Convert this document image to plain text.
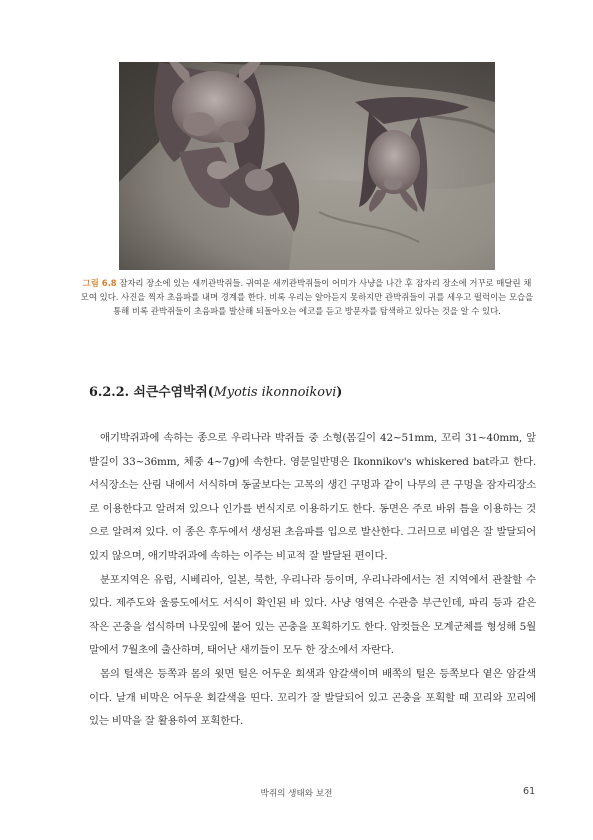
그림 6.8 잠자리 장소에 있는 새끼관박쥐들. 귀여운 새끼관박쥐들이 어미가 사냥을 나간 후 잠자리 장소에 거꾸로 매달린 채 모여 있다. 사진을 찍자 초음파를 내며 경계를 한다. 비록 우리는 알아듣지 못하지만 관박쥐들이 귀를 세우고 펄럭이는 모습을 통해 비록 관박쥐들이 초음파를 발산해 되돌아오는 에코를 듣고 방문자를 탐색하고 있다는 것을 알 수 있다.
6.2.2. 쇠큰수염박쥐(Myotis ikonnoikovi)

애기박쥐과에 속하는 종으로 우리나라 박쥐들 중 소형(몸길이 42~51mm, 꼬리 31~40mm, 앞발길이 33~36mm, 체중 4~7g)에 속한다. 영문일반명은 Ikonnikov's whiskered bat라고 한다. 서식장소는 산림 내에서 서식하며 동굴보다는 고목의 생긴 구멍과 같이 나무의 큰 구멍을 잠자리장소로 이용한다고 알려져 있으나 인가를 번식지로 이용하기도 한다. 동면은 주로 바위 틈을 이용하는 것으로 알려져 있다. 이 종은 후두에서 생성된 초음파를 입으로 발산한다. 그러므로 비엽은 잘 발달되어 있지 않으며, 애기박쥐과에 속하는 이주는 비교적 잘 발달된 편이다.

분포지역은 유럽, 시베리아, 일본, 북한, 우리나라 등이며, 우리나라에서는 전 지역에서 관찰할 수 있다. 제주도와 울릉도에서도 서식이 확인된 바 있다. 사냥 영역은 수관층 부근인데, 파리 등과 같은 작은 곤충을 섭식하며 나뭇잎에 붙어 있는 곤충을 포획하기도 한다. 암컷들은 모계군체를 형성해 5월말에서 7월초에 출산하며, 태어난 새끼들이 모두 한 장소에서 자란다.

몸의 털색은 등쪽과 몸의 윗면 털은 어두운 회색과 암갈색이며 배쪽의 털은 등쪽보다 옅은 암갈색이다. 날개 비막은 어두운 회갈색을 띤다. 꼬리가 잘 발달되어 있고 곤충을 포획할 때 꼬리와 꼬리에 있는 비막을 잘 활용하여 포획한다.

박쥐의 생태와 보전	61
